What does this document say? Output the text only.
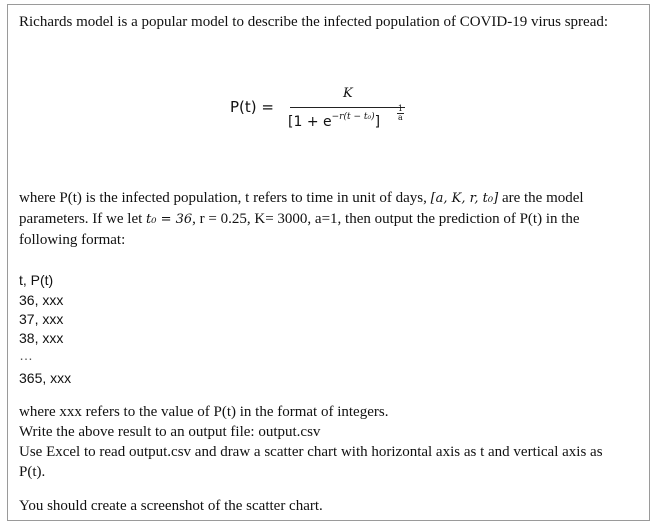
Richards model is a popular model to describe the infected population of COVID-19 virus spread:

P(t) =
K
$[1 + e^{-r(t - t_0)}] \frac{1}{a}$

where P(t) is the infected population, t refers to time in unit of days, [a, K, r, t₀] are the model parameters. If we let t₀ = 36, r = 0.25, K= 3000, a=1, then output the prediction of P(t) in the following format:

t, P(t)

36, xxx

37, xxx

38, xxx

…

365, xxx

where xxx refers to the value of P(t) in the format of integers.

Write the above result to an output file: output.csv

Use Excel to read output.csv and draw a scatter chart with horizontal axis as t and vertical axis as P(t).

You should create a screenshot of the scatter chart.
